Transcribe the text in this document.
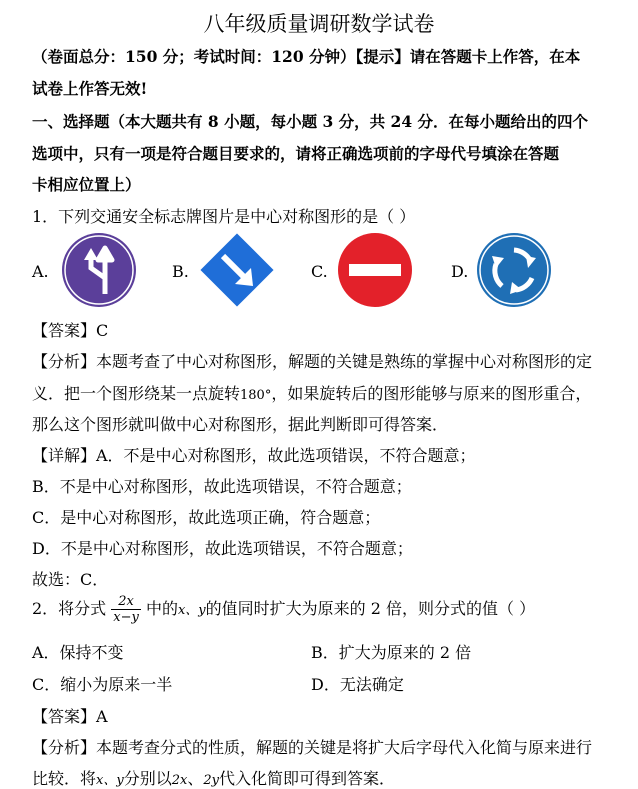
八年级质量调研数学试卷
（卷面总分：150 分；考试时间：120 分钟）【提示】请在答题卡上作答，在本
试卷上作答无效!
一、选择题（本大题共有 8 小题，每小题 3 分，共 24 分．在每小题给出的四个
选项中，只有一项是符合题目要求的，请将正确选项前的字母代号填涂在答题
卡相应位置上）
1．下列交通安全标志牌图片是中心对称图形的是（ ）
A.	B.	C.	D.
【答案】C
【分析】本题考查了中心对称图形，解题的关键是熟练的掌握中心对称图形的定
义．把一个图形绕某一点旋转180°，如果旋转后的图形能够与原来的图形重合，
那么这个图形就叫做中心对称图形，据此判断即可得答案．
【详解】A．不是中心对称图形，故此选项错误，不符合题意；
B．不是中心对称图形，故此选项错误，不符合题意；
C．是中心对称图形，故此选项正确，符合题意；
D．不是中心对称图形，故此选项错误，不符合题意；
故选：C．
2．将分式 $\frac{2x}{x-y}$ 中的x、y的值同时扩大为原来的 2 倍，则分式的值（ ）
A．保持不变	B．扩大为原来的 2 倍
C．缩小为原来一半	D．无法确定
【答案】A
【分析】本题考查分式的性质，解题的关键是将扩大后字母代入化简与原来进行
比较．将x、y分别以2x、2y代入化简即可得到答案．
